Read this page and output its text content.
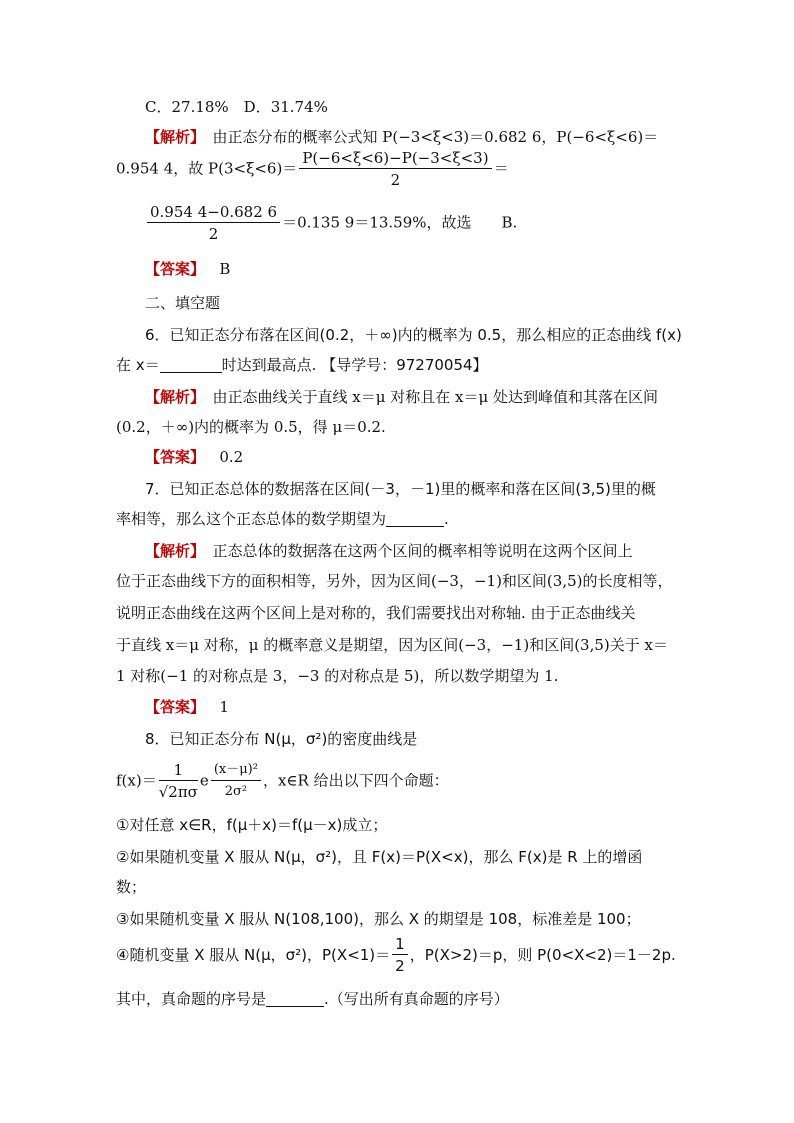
C．27.18%　D．31.74%
【解析】　由正态分布的概率公式知 P(−3<ξ<3)＝0.682 6，P(−6<ξ<6)＝
0.954 4，故 $P(3<\xi<6)= \frac{P(-6<\xi<6)-P(-3<\xi<3)}{2}$ ＝
$\frac{0.954 4-0.682 6}{2} =0.135$ 9＝13.59%，故选　　B.
【答案】 B
二、填空题
6．已知正态分布落在区间(0.2，＋∞)内的概率为 0.5，那么相应的正态曲线 f(x)
在 x＝	时达到最高点. 【导学号：97270054】
【解析】　由正态曲线关于直线 x＝μ 对称且在 x＝μ 处达到峰值和其落在区间
(0.2，＋∞)内的概率为 0.5，得 μ＝0.2.
【答案】 0.2
7．已知正态总体的数据落在区间(－3，－1)里的概率和落在区间(3,5)里的概
率相等，那么这个正态总体的数学期望为	.
【解析】　正态总体的数据落在这两个区间的概率相等说明在这两个区间上
位于正态曲线下方的面积相等，另外，因为区间(−3，−1)和区间(3,5)的长度相等，
说明正态曲线在这两个区间上是对称的，我们需要找出对称轴. 由于正态曲线关
于直线 x＝μ 对称，μ 的概率意义是期望，因为区间(−3，−1)和区间(3,5)关于 x＝
1 对称(−1 的对称点是 3，−3 的对称点是 5)，所以数学期望为 1.
【答案】 1
8．已知正态分布 N(μ，σ²)的密度曲线是
$f(x)= \frac{1}{√2\pi\sigma}$ e $\frac{\text{(x－μ)²}}{\text{2σ²}}$ ，x∈R 给出以下四个命题：
①对任意 x∈R，f(μ＋x)＝f(μ－x)成立；
②如果随机变量 X 服从 N(μ，σ²)，且 F(x)＝P(X<x)，那么 F(x)是 R 上的增函
数；
③如果随机变量 X 服从 N(108,100)，那么 X 的期望是 108，标准差是 100；
④随机变量 X 服从 N(μ，σ²)，$P(X<1)= \frac{1}{2}$ ，P(X>2)＝p，则 P(0<X<2)＝1－2p.
其中，真命题的序号是	.（写出所有真命题的序号）
